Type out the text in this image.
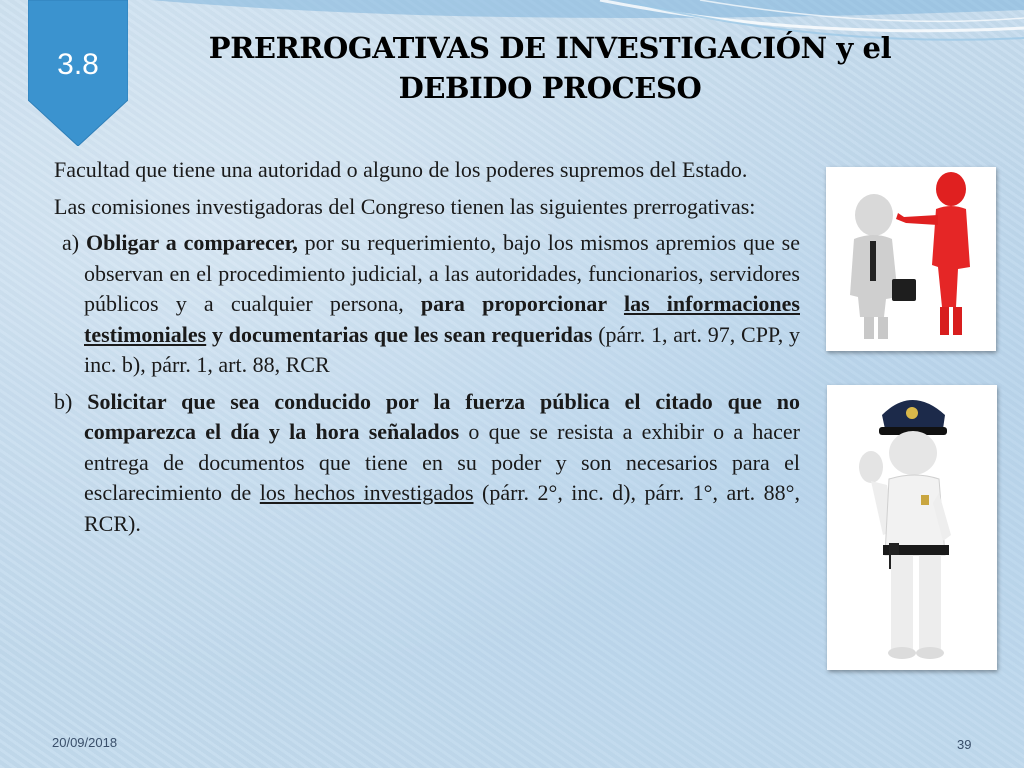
3.8	PRERROGATIVAS DE INVESTIGACIÓN y el
DEBIDO PROCESO

Facultad que tiene una autoridad o alguno de los poderes supremos del Estado.

Las comisiones investigadoras del Congreso tienen las siguientes prerrogativas:

a) Obligar a comparecer, por su requerimiento, bajo los mismos apremios que se observan en el procedimiento judicial, a las autoridades, funcionarios, servidores públicos y a cualquier persona, para proporcionar las informaciones testimoniales y documentarias que les sean requeridas (párr. 1, art. 97, CPP, y inc. b), párr. 1, art. 88, RCR

b) Solicitar que sea conducido por la fuerza pública el citado que no comparezca el día y la hora señalados o que se resista a exhibir o a hacer entrega de documentos que tiene en su poder y son necesarios para el esclarecimiento de los hechos investigados (párr. 2°, inc. d), párr. 1°, art. 88°, RCR).

20/09/2018	39
